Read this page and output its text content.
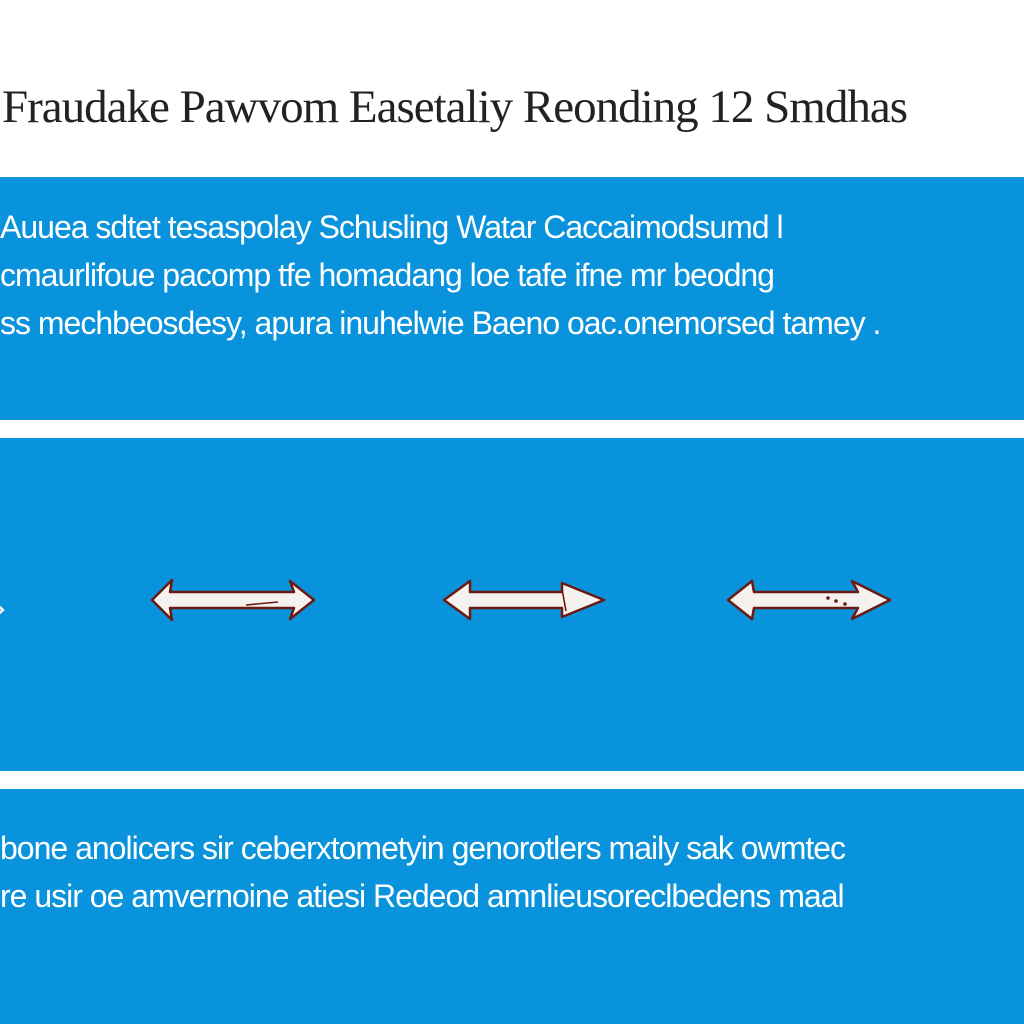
Fraudake Pawvom Easetaliy Reonding 12 Smdhas
Auuea sdtet tesaspolay Schusling Watar Caccaimodsumd l
cmaurlifoue pacomp tfe homadang loe tafe ifne mr beodng
ss mechbeosdesy, apura inuhelwie Baeno oac.onemorsed tamey .
bone anolicers sir ceberxtometyin genorotlers maily sak owmtec
re usir oe amvernoine atiesi Redeod amnlieusoreclbedens maal
